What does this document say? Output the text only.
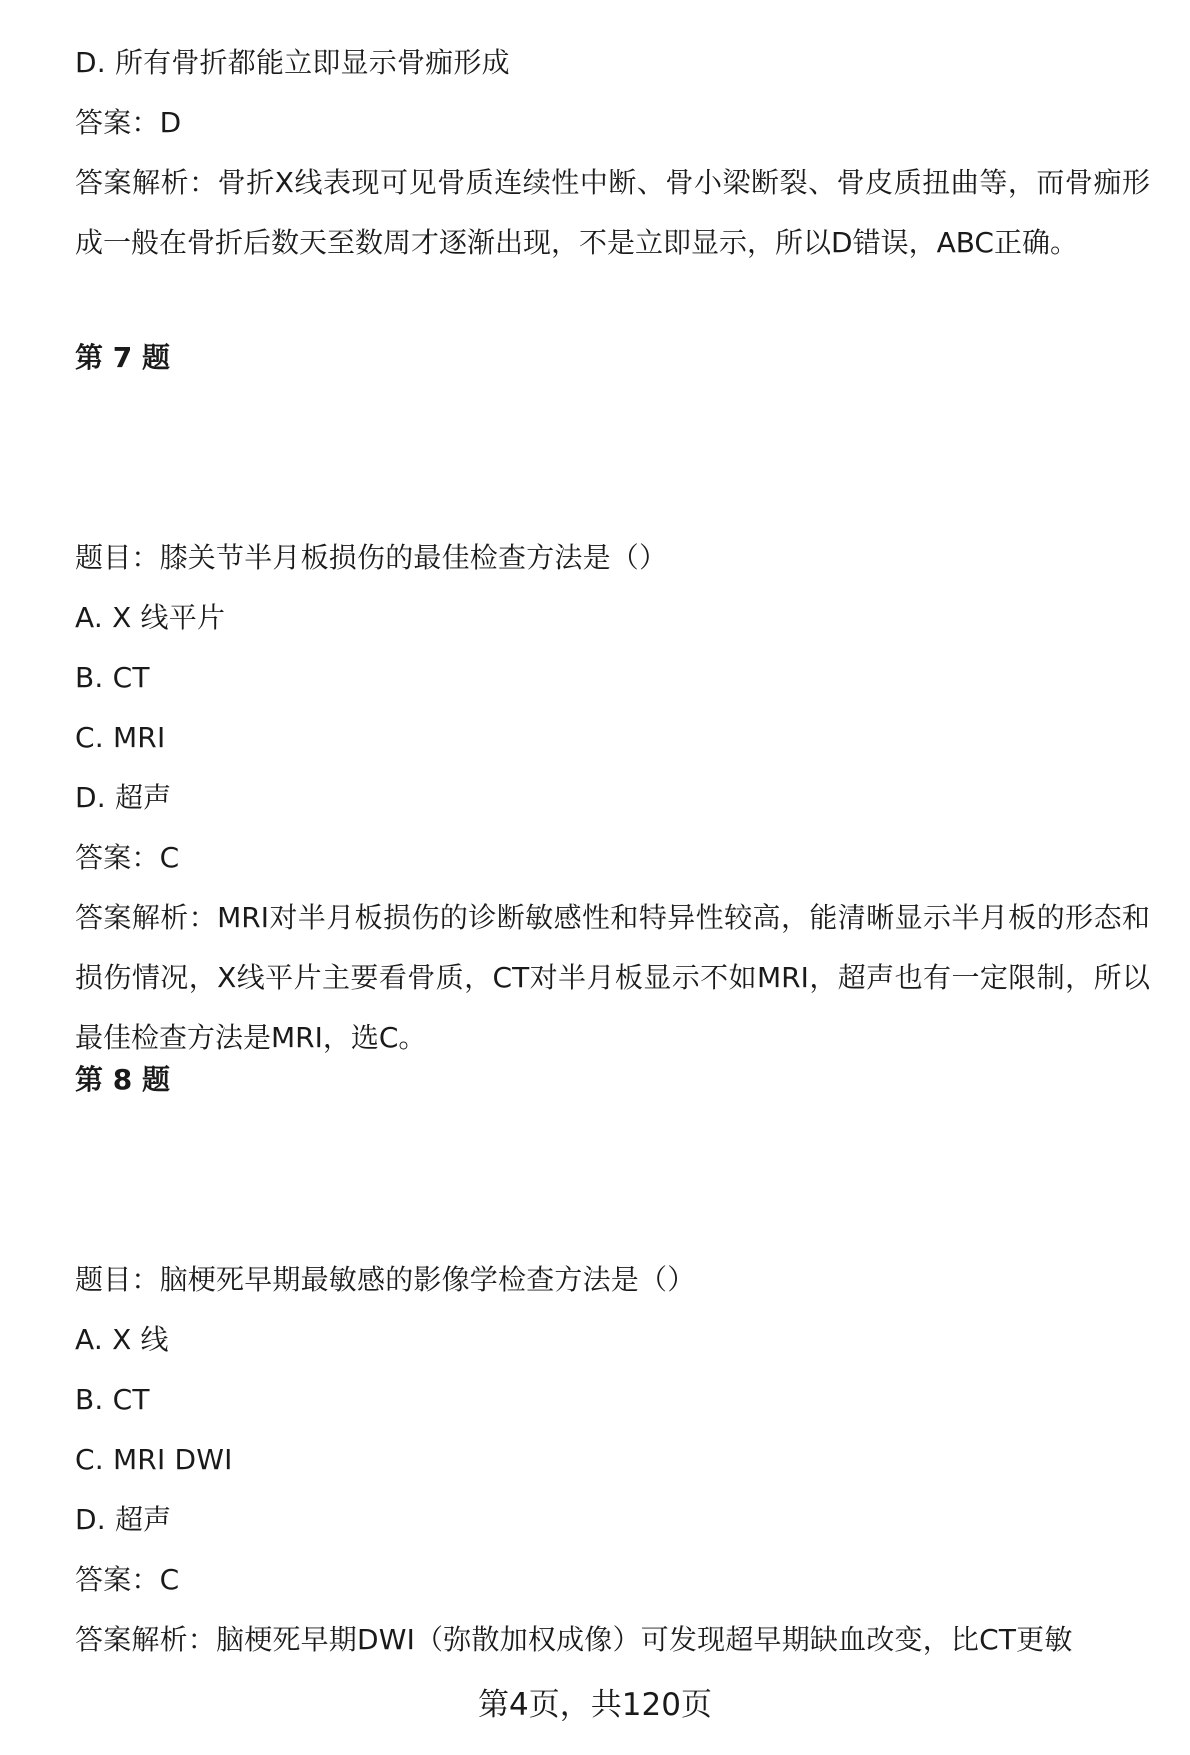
D. 所有骨折都能立即显示骨痂形成
答案：D
答案解析：骨折X线表现可见骨质连续性中断、骨小梁断裂、骨皮质扭曲等，而骨痂形成一般在骨折后数天至数周才逐渐出现，不是立即显示，所以D错误，ABC正确。
第 7 题
题目：膝关节半月板损伤的最佳检查方法是（）
A. X 线平片
B. CT
C. MRI
D. 超声
答案：C
答案解析：MRI对半月板损伤的诊断敏感性和特异性较高，能清晰显示半月板的形态和损伤情况，X线平片主要看骨质，CT对半月板显示不如MRI，超声也有一定限制，所以最佳检查方法是MRI，选C。
第 8 题
题目：脑梗死早期最敏感的影像学检查方法是（）
A. X 线
B. CT
C. MRI DWI
D. 超声
答案：C
答案解析：脑梗死早期DWI（弥散加权成像）可发现超早期缺血改变，比CT更敏
第4页，共120页
